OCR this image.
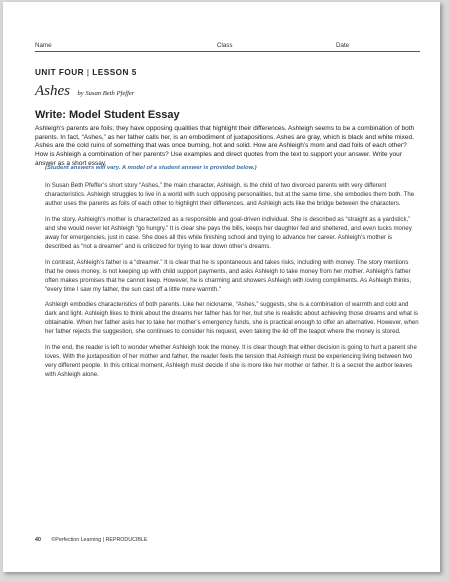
Name	Class	Date
UNIT FOUR | LESSON 5
Ashes by Susan Beth Pfeffer
Write: Model Student Essay
Ashleigh’s parents are foils; they have opposing qualities that highlight their differences. Ashleigh seems to be a combination of both parents. In fact, “Ashes,” as her father calls her, is an embodiment of juxtapositions. Ashes are gray, which is black and white mixed. Ashes are the cold ruins of something that was once burning, hot and solid. How are Ashleigh’s mom and dad foils of each other? How is Ashleigh a combination of her parents? Use examples and direct quotes from the text to support your answer. Write your answer as a short essay.
(Student answers will vary. A model of a student answer is provided below.)

In Susan Beth Pfeffer’s short story “Ashes,” the main character, Ashleigh, is the child of two divorced parents with very different characteristics. Ashleigh struggles to live in a world with such opposing personalities, but at the same time, she embodies them both. The author uses the parents as foils of each other to highlight their differences, and Ashleigh acts like the bridge between the characters.

In the story, Ashleigh’s mother is characterized as a responsible and goal-driven individual. She is described as “straight as a yardstick,” and she would never let Ashleigh “go hungry.” It is clear she pays the bills, keeps her daughter fed and sheltered, and even tucks money away for emergencies, just in case. She does all this while finishing school and trying to advance her career. Ashleigh’s mother is described as “not a dreamer” and is criticized for trying to tear down other’s dreams.

In contrast, Ashleigh’s father is a “dreamer.” It is clear that he is spontaneous and takes risks, including with money. The story mentions that he owes money, is not keeping up with child support payments, and asks Ashleigh to take money from her mother. Ashleigh’s father often makes promises that he cannot keep. However, he is charming and showers Ashleigh with loving compliments. As Ashleigh thinks, “every time I saw my father, the sun cast off a little more warmth.”

Ashleigh embodies characteristics of both parents. Like her nickname, “Ashes,” suggests, she is a combination of warmth and cold and dark and light. Ashleigh likes to think about the dreams her father has for her, but she is realistic about achieving those dreams and what is obtainable. When her father asks her to take her mother’s emergency funds, she is practical enough to offer an alternative. However, when her father rejects the suggestion, she continues to consider his request, even taking the lid off the teapot where the money is stored.

In the end, the reader is left to wonder whether Ashleigh took the money. It is clear though that either decision is going to hurt a parent she loves. With the juxtaposition of her mother and father, the reader feels the tension that Ashleigh must be experiencing living between two very different people. In this critical moment, Ashleigh must decide if she is more like her mother or father. It is a secret the author leaves with Ashleigh alone.

40 ©Perfection Learning | REPRODUCIBLE
